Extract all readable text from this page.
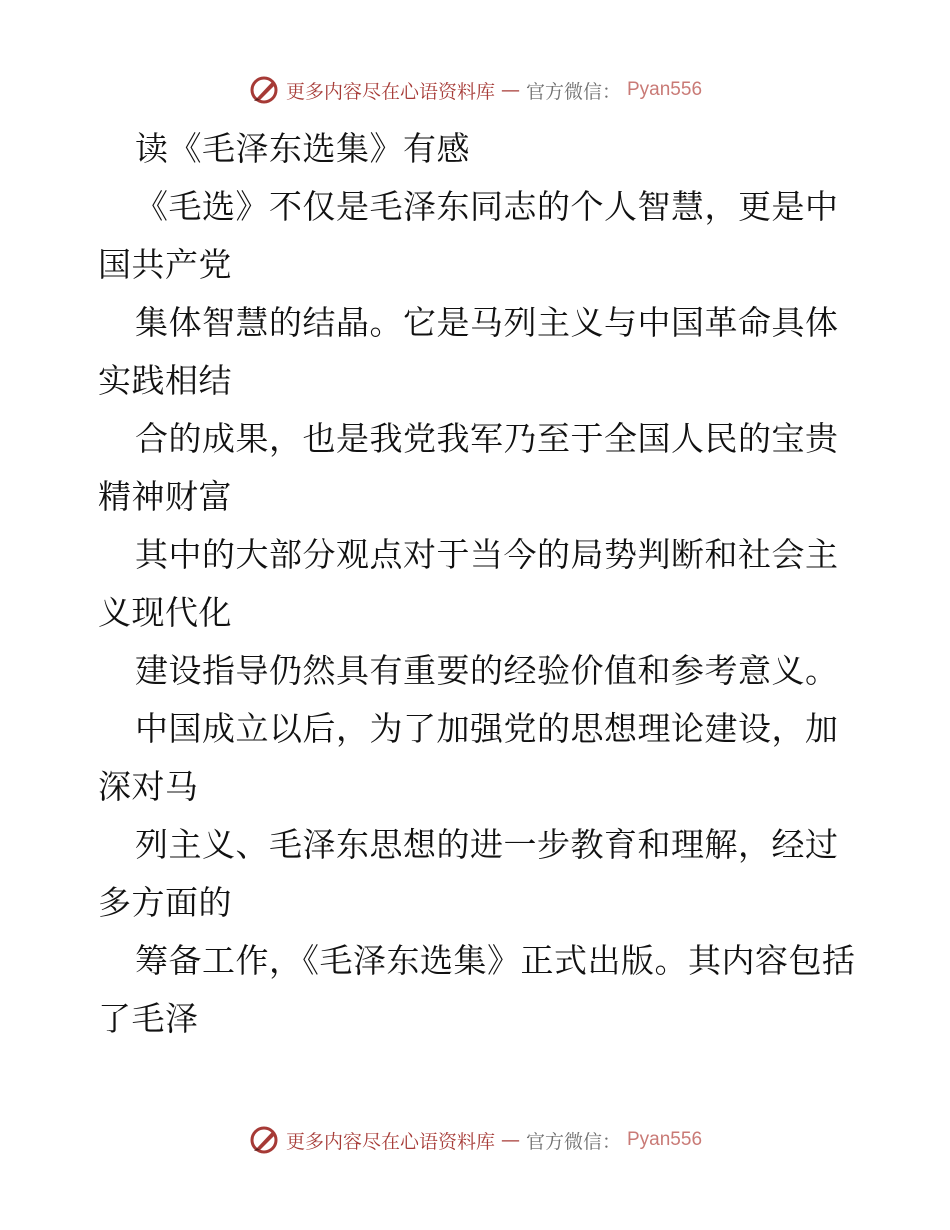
更多内容尽在心语资料库 — 官方微信： Pyan556

读《毛泽东选集》有感

《毛选》不仅是毛泽东同志的个人智慧，更是中国共产党

集体智慧的结晶。它是马列主义与中国革命具体实践相结

合的成果，也是我党我军乃至于全国人民的宝贵精神财富

其中的大部分观点对于当今的局势判断和社会主义现代化

建设指导仍然具有重要的经验价值和参考意义。

中国成立以后，为了加强党的思想理论建设，加深对马

列主义、毛泽东思想的进一步教育和理解，经过多方面的

筹备工作，《毛泽东选集》正式出版。其内容包括了毛泽

更多内容尽在心语资料库 — 官方微信： Pyan556
